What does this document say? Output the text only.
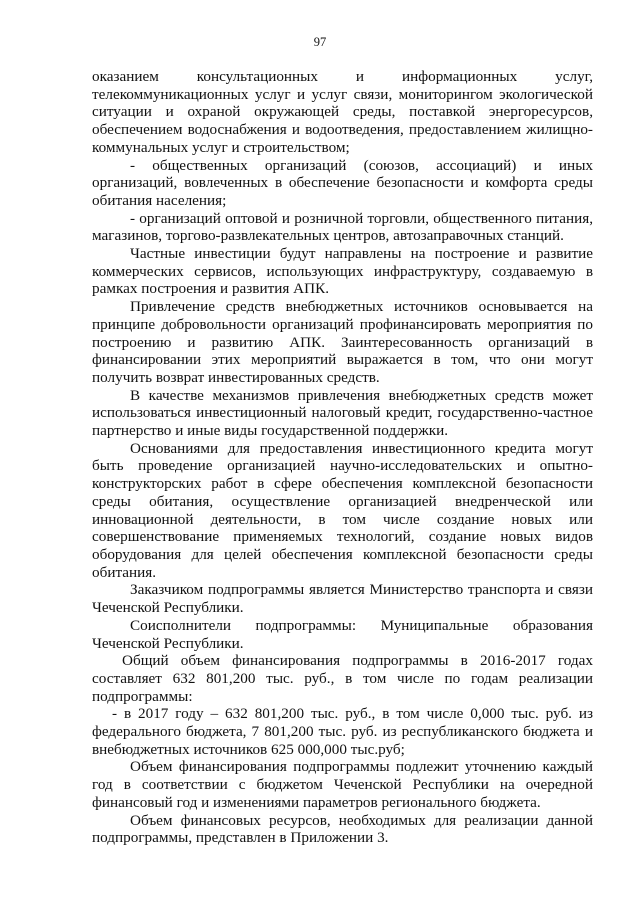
97

оказанием консультационных и информационных услуг, телекоммуникационных услуг и услуг связи, мониторингом экологической ситуации и охраной окружающей среды, поставкой энергоресурсов, обеспечением водоснабжения и водоотведения, предоставлением жилищно-коммунальных услуг и строительством;

- общественных организаций (союзов, ассоциаций) и иных организаций, вовлеченных в обеспечение безопасности и комфорта среды обитания населения;

- организаций оптовой и розничной торговли, общественного питания, магазинов, торгово-развлекательных центров, автозаправочных станций.

Частные инвестиции будут направлены на построение и развитие коммерческих сервисов, использующих инфраструктуру, создаваемую в рамках построения и развития АПК.

Привлечение средств внебюджетных источников основывается на принципе добровольности организаций профинансировать мероприятия по построению и развитию АПК. Заинтересованность организаций в финансировании этих мероприятий выражается в том, что они могут получить возврат инвестированных средств.

В качестве механизмов привлечения внебюджетных средств может использоваться инвестиционный налоговый кредит, государственно-частное партнерство и иные виды государственной поддержки.

Основаниями для предоставления инвестиционного кредита могут быть проведение организацией научно-исследовательских и опытно-конструкторских работ в сфере обеспечения комплексной безопасности среды обитания, осуществление организацией внедренческой или инновационной деятельности, в том числе создание новых или совершенствование применяемых технологий, создание новых видов оборудования для целей обеспечения комплексной безопасности среды обитания.

Заказчиком подпрограммы является Министерство транспорта и связи Чеченской Республики.

Соисполнители подпрограммы: Муниципальные образования Чеченской Республики.

Общий объем финансирования подпрограммы в 2016-2017 годах составляет 632 801,200 тыс. руб., в том числе по годам реализации подпрограммы:

- в 2017 году – 632 801,200 тыс. руб., в том числе 0,000 тыс. руб. из федерального бюджета, 7 801,200 тыс. руб. из республиканского бюджета и внебюджетных источников 625 000,000 тыс.руб;

Объем финансирования подпрограммы подлежит уточнению каждый год в соответствии с бюджетом Чеченской Республики на очередной финансовый год и изменениями параметров регионального бюджета.

Объем финансовых ресурсов, необходимых для реализации данной подпрограммы, представлен в Приложении 3.
